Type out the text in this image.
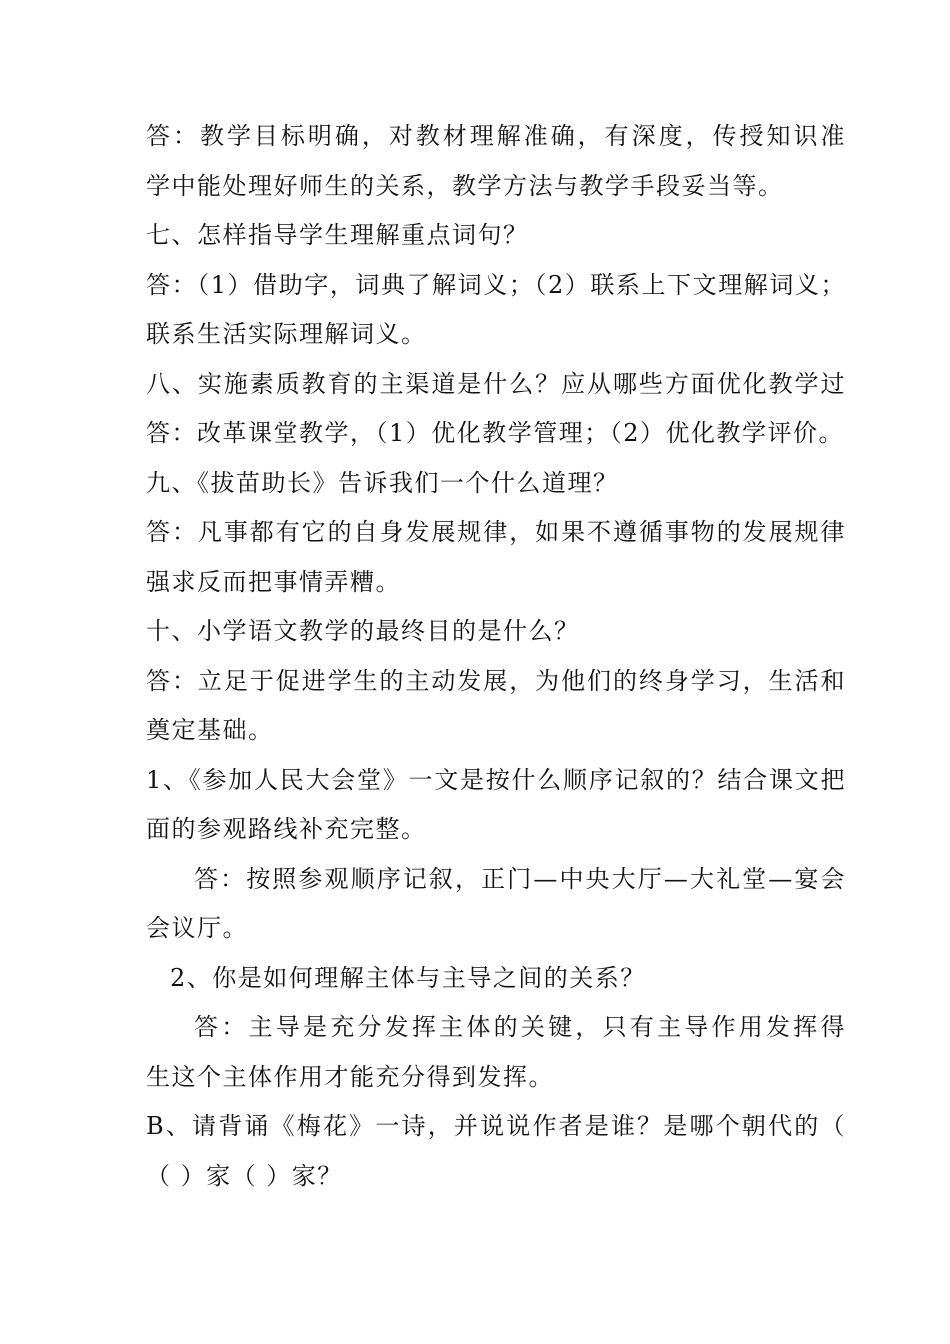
答：教学目标明确，对教材理解准确，有深度，传授知识准
学中能处理好师生的关系，教学方法与教学手段妥当等。
七、怎样指导学生理解重点词句？
答：（1）借助字，词典了解词义；（2）联系上下文理解词义；
联系生活实际理解词义。
八、实施素质教育的主渠道是什么？应从哪些方面优化教学过
答：改革课堂教学，（1）优化教学管理；（2）优化教学评价。
九、《拔苗助长》告诉我们一个什么道理？
答：凡事都有它的自身发展规律，如果不遵循事物的发展规律
强求反而把事情弄糟。
十、小学语文教学的最终目的是什么？
答：立足于促进学生的主动发展，为他们的终身学习，生活和
奠定基础。
1、《参加人民大会堂》一文是按什么顺序记叙的？结合课文把
面的参观路线补充完整。
答：按照参观顺序记叙，正门—中央大厅—大礼堂—宴会
会议厅。
2、你是如何理解主体与主导之间的关系？
答：主导是充分发挥主体的关键，只有主导作用发挥得
生这个主体作用才能充分得到发挥。
B、请背诵《梅花》一诗，并说说作者是谁？是哪个朝代的（
（ ）家（ ）家？
